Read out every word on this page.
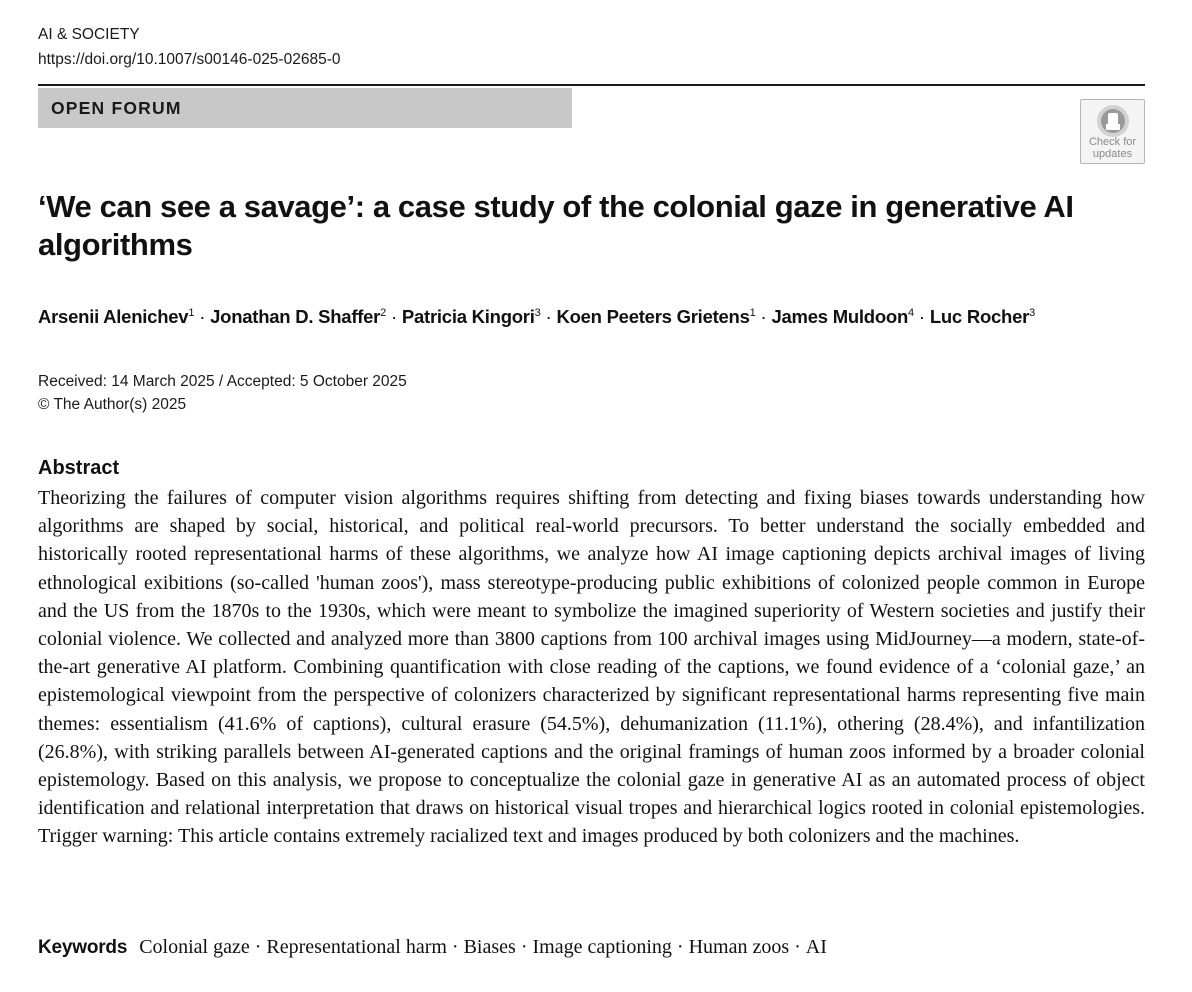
AI & SOCIETY
https://doi.org/10.1007/s00146-025-02685-0
OPEN FORUM
Check for
updates
‘We can see a savage’: a case study of the colonial gaze in generative AI algorithms
Arsenii Alenichev$^1$ · Jonathan D. Shaffer$^2$ · Patricia Kingori$^3$ · Koen Peeters Grietens$^1$ · James Muldoon$^4$ · Luc Rocher$^3$
Received: 14 March 2025 / Accepted: 5 October 2025
© The Author(s) 2025
Abstract

Theorizing the failures of computer vision algorithms requires shifting from detecting and fixing biases towards understanding how algorithms are shaped by social, historical, and political real-world precursors. To better understand the socially embedded and historically rooted representational harms of these algorithms, we analyze how AI image captioning depicts archival images of living ethnological exibitions (so-called 'human zoos'), mass stereotype-producing public exhibitions of colonized people common in Europe and the US from the 1870s to the 1930s, which were meant to symbolize the imagined superiority of Western societies and justify their colonial violence. We collected and analyzed more than 3800 captions from 100 archival images using MidJourney—a modern, state-of-the-art generative AI platform. Combining quantification with close reading of the captions, we found evidence of a ‘colonial gaze,’ an epistemological viewpoint from the perspective of colonizers characterized by significant representational harms representing five main themes: essentialism (41.6% of captions), cultural erasure (54.5%), dehumanization (11.1%), othering (28.4%), and infantilization (26.8%), with striking parallels between AI-generated captions and the original framings of human zoos informed by a broader colonial epistemology. Based on this analysis, we propose to conceptualize the colonial gaze in generative AI as an automated process of object identification and relational interpretation that draws on historical visual tropes and hierarchical logics rooted in colonial epistemologies. Trigger warning: This article contains extremely racialized text and images produced by both colonizers and the machines.

Keywords Colonial gaze · Representational harm · Biases · Image captioning · Human zoos · AI
